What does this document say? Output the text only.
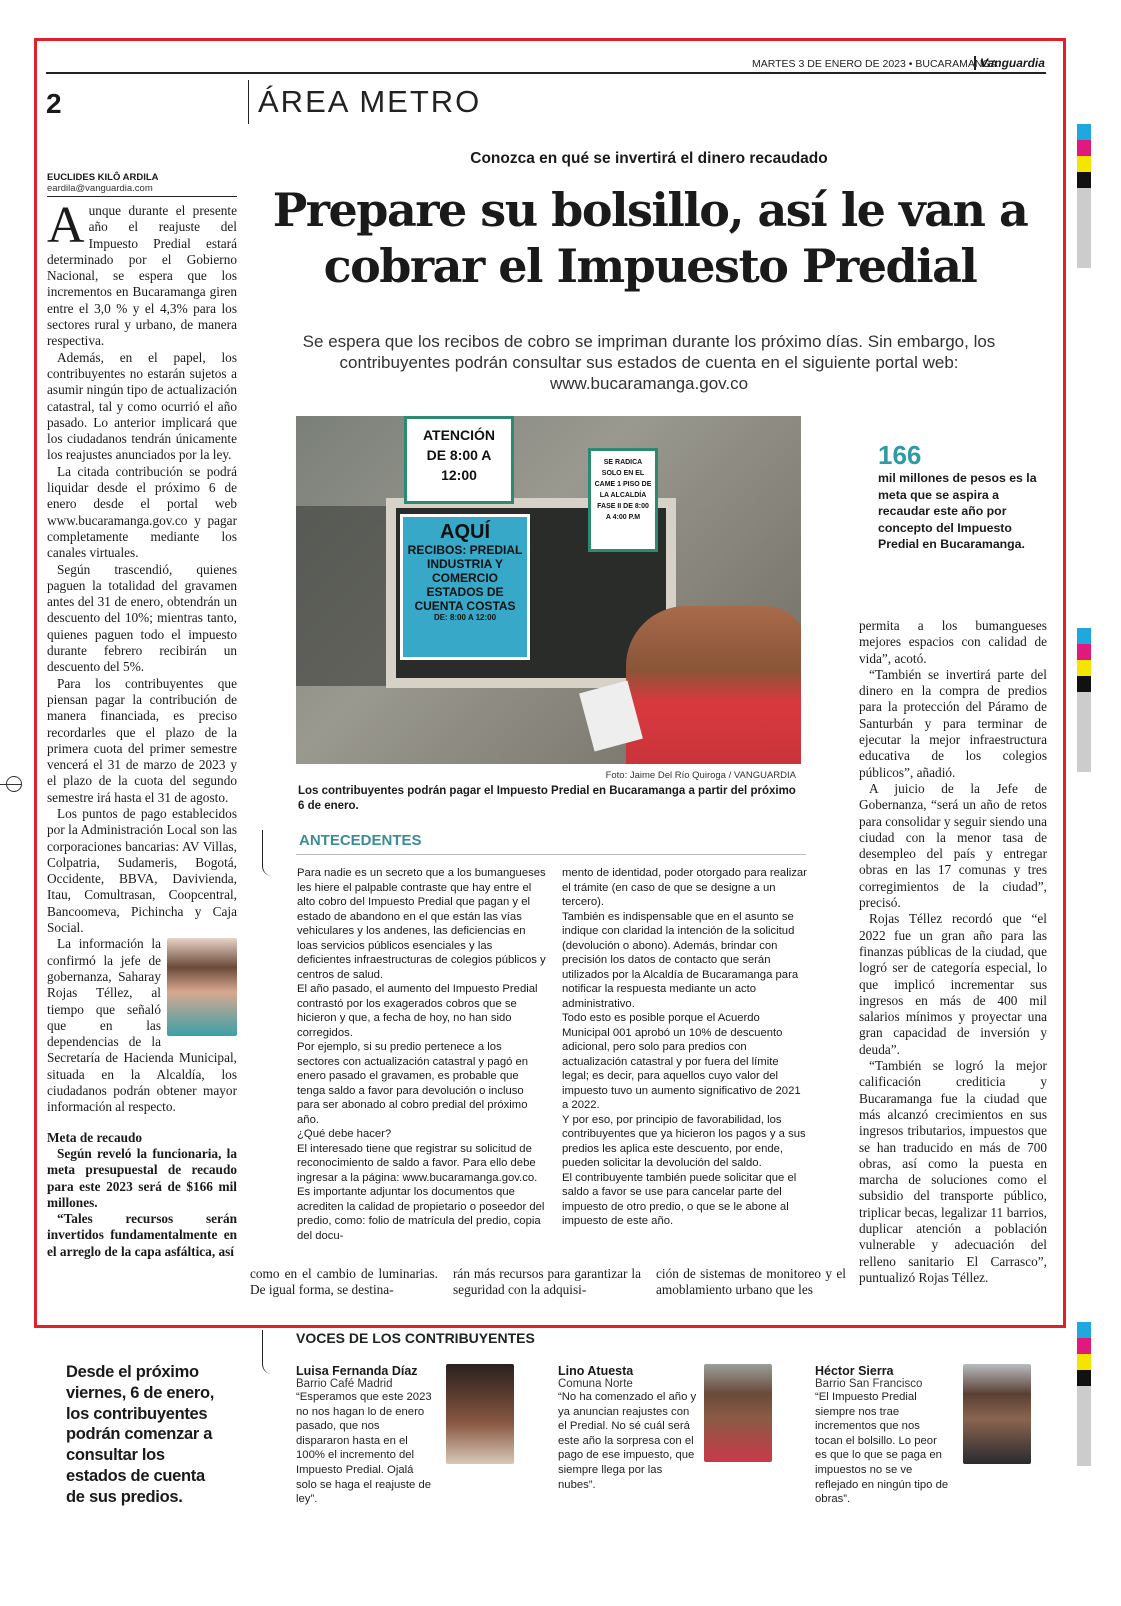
MARTES 3 DE ENERO DE 2023 • BUCARAMANGA
Vanguardia
2	ÁREA METRO
EUCLIDES KILÔ ARDILA
eardila@vanguardia.com
Conozca en qué se invertirá el dinero recaudado
Prepare su bolsillo, así le van a
cobrar el Impuesto Predial
Se espera que los recibos de cobro se impriman durante los próximo días. Sin embargo, los contribuyentes podrán consultar sus estados de cuenta en el siguiente portal web: www.bucaramanga.gov.co

Aunque durante el presente año el reajuste del Impuesto Predial estará determinado por el Gobierno Nacional, se espera que los incrementos en Bucaramanga giren entre el 3,0 % y el 4,3% para los sectores rural y urbano, de manera respectiva.

Además, en el papel, los contribuyentes no estarán sujetos a asumir ningún tipo de actualización catastral, tal y como ocurrió el año pasado. Lo anterior implicará que los ciudadanos tendrán únicamente los reajustes anunciados por la ley.

La citada contribución se podrá liquidar desde el próximo 6 de enero desde el portal web www.bucaramanga.gov.co y pagar completamente mediante los canales virtuales.

Según trascendió, quienes paguen la totalidad del gravamen antes del 31 de enero, obtendrán un descuento del 10%; mientras tanto, quienes paguen todo el impuesto durante febrero recibirán un descuento del 5%.

Para los contribuyentes que piensan pagar la contribución de manera financiada, es preciso recordarles que el plazo de la primera cuota del primer semestre vencerá el 31 de marzo de 2023 y el plazo de la cuota del segundo semestre irá hasta el 31 de agosto.

Los puntos de pago establecidos por la Administración Local son las corporaciones bancarias: AV Villas, Colpatria, Sudameris, Bogotá, Occidente, BBVA, Davivienda, Itau, Comultrasan, Coopcentral, Bancoomeva, Pichincha y Caja Social.

La información la confirmó la jefe de gobernanza, Saharay Rojas Téllez, al tiempo que señaló que en las dependencias de la Secretaría de Hacienda Municipal, situada en la Alcaldía, los ciudadanos podrán obtener mayor información al respecto.

Meta de recaudo

Según reveló la funcionaria, la meta presupuestal de recaudo para este 2023 será de $166 mil millones.

“Tales recursos serán invertidos fundamentalmente en el arreglo de la capa asfáltica, así

ATENCIÓN DE 8:00 A 12:00
SE RADICA SOLO EN EL CAME 1 PISO DE LA ALCALDÍA FASE II DE 8:00 A 4:00 P.M
AQUÍ
RECIBOS: PREDIAL INDUSTRIA Y COMERCIO ESTADOS DE CUENTA COSTAS
DE: 8:00 A 12:00
Foto: Jaime Del Río Quiroga / VANGUARDIA
Los contribuyentes podrán pagar el Impuesto Predial en Bucaramanga a partir del próximo 6 de enero.
166
mil millones de pesos es la meta que se aspira a recaudar este año por concepto del Impuesto Predial en Bucaramanga.

permita a los bumangueses mejores espacios con calidad de vida”, acotó.

“También se invertirá parte del dinero en la compra de predios para la protección del Páramo de Santurbán y para terminar de ejecutar la mejor infraestructura educativa de los colegios públicos”, añadió.

A juicio de la Jefe de Gobernanza, “será un año de retos para consolidar y seguir siendo una ciudad con la menor tasa de desempleo del país y entregar obras en las 17 comunas y tres corregimientos de la ciudad”, precisó.

Rojas Téllez recordó que “el 2022 fue un gran año para las finanzas públicas de la ciudad, que logró ser de categoría especial, lo que implicó incrementar sus ingresos en más de 400 mil salarios mínimos y proyectar una gran capacidad de inversión y deuda”.

“También se logró la mejor calificación crediticia y Bucaramanga fue la ciudad que más alcanzó crecimientos en sus ingresos tributarios, impuestos que se han traducido en más de 700 obras, así como la puesta en marcha de soluciones como el subsidio del transporte público, triplicar becas, legalizar 11 barrios, duplicar atención a población vulnerable y adecuación del relleno sanitario El Carrasco”, puntualizó Rojas Téllez.

ANTECEDENTES

Para nadie es un secreto que a los bumangueses les hiere el palpable contraste que hay entre el alto cobro del Impuesto Predial que pagan y el estado de abandono en el que están las vías vehiculares y los andenes, las deficiencias en loas servicios públicos esenciales y las deficientes infraestructuras de colegios públicos y centros de salud.

El año pasado, el aumento del Impuesto Predial contrastó por los exagerados cobros que se hicieron y que, a fecha de hoy, no han sido corregidos.

Por ejemplo, si su predio pertenece a los sectores con actualización catastral y pagó en enero pasado el gravamen, es probable que tenga saldo a favor para devolución o incluso para ser abonado al cobro predial del próximo año.

¿Qué debe hacer?

El interesado tiene que registrar su solicitud de reconocimiento de saldo a favor. Para ello debe ingresar a la página: www.bucaramanga.gov.co.

Es importante adjuntar los documentos que acrediten la calidad de propietario o poseedor del predio, como: folio de matrícula del predio, copia del docu-

mento de identidad, poder otorgado para realizar el trámite (en caso de que se designe a un tercero).

También es indispensable que en el asunto se indique con claridad la intención de la solicitud (devolución o abono). Además, brindar con precisión los datos de contacto que serán utilizados por la Alcaldía de Bucaramanga para notificar la respuesta mediante un acto administrativo.

Todo esto es posible porque el Acuerdo Municipal 001 aprobó un 10% de descuento adicional, pero solo para predios con actualización catastral y por fuera del límite legal; es decir, para aquellos cuyo valor del impuesto tuvo un aumento significativo de 2021 a 2022.

Y por eso, por principio de favorabilidad, los contribuyentes que ya hicieron los pagos y a sus predios les aplica este descuento, por ende, pueden solicitar la devolución del saldo.

El contribuyente también puede solicitar que el saldo a favor se use para cancelar parte del impuesto de otro predio, o que se le abone al impuesto de este año.

como en el cambio de luminarias. De igual forma, se destina-
rán más recursos para garantizar la seguridad con la adquisi-
ción de sistemas de monitoreo y el amoblamiento urbano que les
Desde el próximo viernes, 6 de enero, los contribuyentes podrán comenzar a consultar los estados de cuenta de sus predios.
VOCES DE LOS CONTRIBUYENTES
Luisa Fernanda Díaz
Barrio Café Madrid
“Esperamos que este 2023 no nos hagan lo de enero pasado, que nos dispararon hasta en el 100% el incremento del Impuesto Predial. Ojalá solo se haga el reajuste de ley”.
Lino Atuesta
Comuna Norte
“No ha comenzado el año y ya anuncian reajustes con el Predial. No sé cuál será este año la sorpresa con el pago de ese impuesto, que siempre llega por las nubes”.
Héctor Sierra
Barrio San Francisco
“El Impuesto Predial siempre nos trae incrementos que nos tocan el bolsillo. Lo peor es que lo que se paga en impuestos no se ve reflejado en ningún tipo de obras”.
